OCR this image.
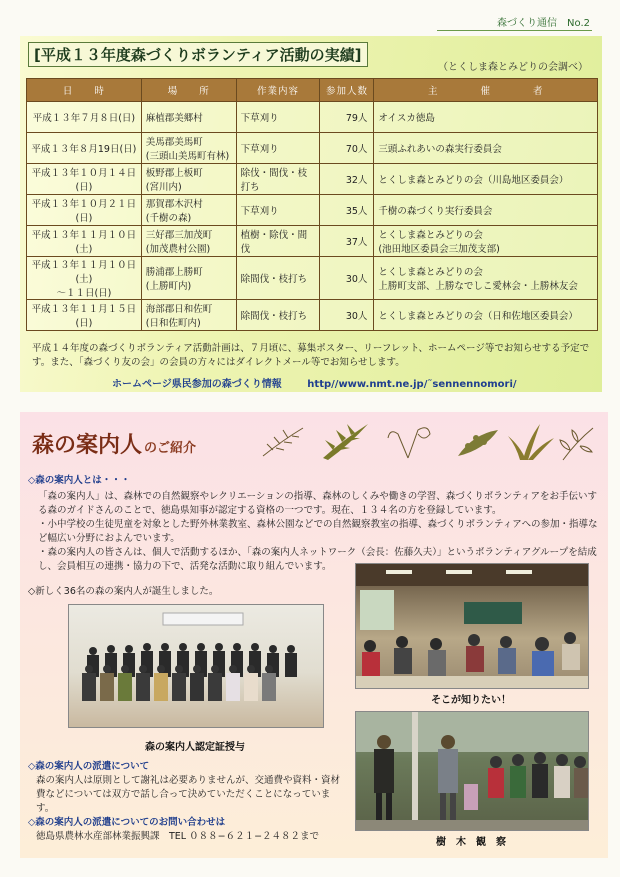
森づくり通信　No.2
[平成１３年度森づくりボランティア活動の実績]
（とくしま森とみどりの会調べ）
日　　時	場　　所	作業内容	参加人数	主　　　　催　　　　者

平成１３年７月８日(日)	麻植郡美郷村	下草刈り	79人	オイスカ徳島

平成１３年８月19日(日)	美馬郡美馬町
(三頭山美馬町有林)	下草刈り	70人	三頭ふれあいの森実行委員会

平成１３年１０月１４日(日)	板野郡上板町
(宮川内)	除伐・間伐・枝打ち	32人	とくしま森とみどりの会（川島地区委員会）

平成１３年１０月２１日(日)	那賀郡木沢村
(千樹の森)	下草刈り	35人	千樹の森づくり実行委員会

平成１３年１１月１０日(土)	三好郡三加茂町
(加茂農村公園)	植樹・除伐・間伐	37人	とくしま森とみどりの会
(池田地区委員会三加茂支部)

平成１３年１１月１０日(土)
〜１１日(日)	勝浦郡上勝町
(上勝町内)	除間伐・枝打ち	30人	とくしま森とみどりの会
上勝町支部、上勝なでしこ愛林会・上勝林友会

平成１３年１１月１５日(日)	海部郡日和佐町
(日和佐町内)	除間伐・枝打ち	30人	とくしま森とみどりの会（日和佐地区委員会）
平成１４年度の森づくりボランティア活動計画は、７月頃に、募集ポスター、リーフレット、ホームページ等でお知らせする予定です。また、「森づくり友の会」の会員の方々にはダイレクトメール等でお知らせします。
ホームページ県民参加の森づくり情報	http//www.nmt.ne.jp/˜sennennomori/
森の案内人 のご紹介
◇森の案内人とは・・・
「森の案内人」は、森林での自然観察やレクリエーションの指導、森林のしくみや働きの学習、森づくりボランティアをお手伝いする森のガイドさんのことで、徳島県知事が認定する資格の一つです。現在、１３４名の方を登録しています。
・小中学校の生徒児童を対象とした野外林業教室、森林公園などでの自然観察教室の指導、森づくりボランティアへの参加・指導など幅広い分野におよんでいます。
・森の案内人の皆さんは、個人で活動するほか、「森の案内人ネットワーク（会長：佐藤久夫）」というボランティアグループを結成し、会員相互の連携・協力の下で、活発な活動に取り組んでいます。
◇新しく36名の森の案内人が誕生しました。
森の案内人認定証授与
そこが知りたい！
樹　木　観　察
◇森の案内人の派遣について
森の案内人は原則として謝礼は必要ありませんが、交通費や資料・資材費などについては双方で話し合って決めていただくことになっています。
◇森の案内人の派遣についてのお問い合わせは
徳島県農林水産部林業振興課　TEL ０８８−６２１−２４８２まで
